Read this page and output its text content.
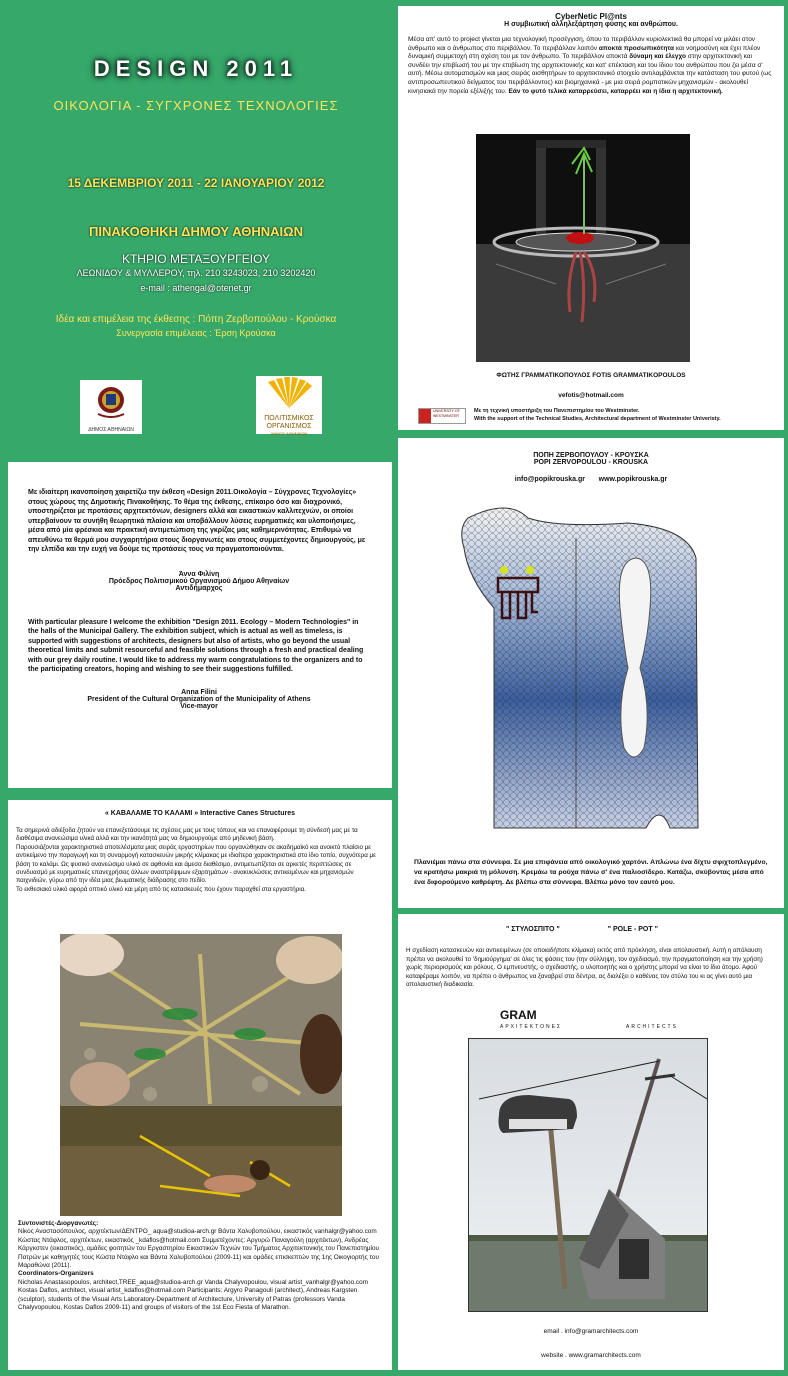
DESIGN 2011
ΟΙΚΟΛΟΓΙΑ - ΣΥΓΧΡΟΝΕΣ ΤΕΧΝΟΛΟΓΙΕΣ
15 ΔΕΚΕΜΒΡΙΟΥ 2011 - 22 ΙΑΝΟΥΑΡΙΟΥ 2012
ΠΙΝΑΚΟΘΗΚΗ ΔΗΜΟΥ ΑΘΗΝΑΙΩΝ
ΚΤΗΡΙΟ ΜΕΤΑΞΟΥΡΓΕΙΟΥ
ΛΕΩΝΙΔΟΥ & ΜΥΛΛΕΡΟΥ, τηλ. 210 3243023, 210 3202420
e-mail : athengal@otenet.gr
Ιδέα και επιμέλεια της έκθεσης : Πόπη Ζερβοπούλου - Κρούσκα
Συνεργασία επιμέλειας : Έρση Κρούσκα
ΔΗΜΟΣ ΑΘΗΝΑΙΩΝ
ΠΟΛΙΤΙΣΜΙΚΟΣ
ΟΡΓΑΝΙΣΜΟΣ
ΔΗΜΟΥ ΑΘΗΝΑΙΩΝ
CyberNetic Pl@nts
Η συμβιωτική αλληλεξάρτηση φύσης και ανθρώπου.
Μέσα απ' αυτό το project γίνεται μια τεχνολογική προσέγγιση, όπου το περιβάλλον κυριολεκτικά θα μπορεί να μιλάει στον άνθρωπο και ο άνθρωπος στο περιβάλλον. Το περιβάλλον λοιπόν αποκτά προσωπικότητα και νοημοσύνη και έχει πλέον δυναμική συμμετοχή στη σχέση του με τον άνθρωπο. Το περιβάλλον αποκτά δύναμη και έλεγχο στην αρχιτεκτονική και συνδέει την επιβίωσή του με την επιβίωση της αρχιτεκτονικής και κατ' επέκταση και του ίδιου του ανθρώπου που ζει μέσα σ' αυτή. Μέσω αυτοματισμών και μιας σειράς αισθητήρων το αρχιτεκτονικό στοιχείο αντιλαμβάνεται την κατάσταση του φυτού (ως αντιπροσωπευτικού δείγματος του περιβάλλοντος) και βιομηχανικά - με μια σειρά ρομποτικών μηχανισμών - ακολουθεί κινησιακά την πορεία εξέλιξής του. Εάν το φυτό τελικά καταρρεύσει, καταρρέει και η ίδια η αρχιτεκτονική.
ΦΩΤΗΣ ΓΡΑΜΜΑΤΙΚΟΠΟΥΛΟΣ FOTIS GRAMMATIKOPOULOS
vefotis@hotmail.com
UNIVERSITY OF WESTMINSTER
Με τη τεχνική υποστήριξη του Πανεπιστημίου του Westminster.
With the support of the Technical Studies, Architectural department of Westminster Univeristy.
Με ιδιαίτερη ικανοποίηση χαιρετίζω την έκθεση «Design 2011.Οικολογία – Σύγχρονες Τεχνολογίες» στους χώρους της Δημοτικής Πινακοθήκης. Το θέμα της έκθεσης, επίκαιρο όσο και διαχρονικό, υποστηρίζεται με προτάσεις αρχιτεκτόνων, designers αλλά και εικαστικών καλλιτεχνών, οι οποίοι υπερβαίνουν τα συνήθη θεωρητικά πλαίσια και υποβάλλουν λύσεις ευρηματικές και υλοποιήσιμες, μέσα από μία φρέσκια και πρακτική αντιμετώπιση της γκρίζας μας καθημερινότητας. Επιθυμώ να απευθύνω τα θερμά μου συγχαρητήρια στους διοργανωτές και στους συμμετέχοντες δημιουργούς, με την ελπίδα και την ευχή να δούμε τις προτάσεις τους να πραγματοποιούνται.
Άννα Φιλίνη
Πρόεδρος Πολιτισμικού Οργανισμού Δήμου Αθηναίων
Αντιδήμαρχος
With particular pleasure I welcome the exhibition "Design 2011. Ecology – Modern Technologies" in the halls of the Municipal Gallery. The exhibition subject, which is actual as well as timeless, is supported with suggestions of architects, designers but also of artists, who go beyond the usual theoretical limits and submit resourceful and feasible solutions through a fresh and practical dealing with our grey daily routine. I would like to address my warm congratulations to the organizers and to the participating creators, hoping and wishing to see their suggestions fulfilled.
Anna Filini
President of the Cultural Organization of the Municipality of Athens
Vice-mayor
ΠΟΠΗ ΖΕΡΒΟΠΟΥΛΟΥ - ΚΡΟΥΣΚΑ
POPI ZERVOPOULOU - KROUSKA
info@popikrouska.gr www.popikrouska.gr
Πλανιέμαι πάνω στα σύννεφα. Σε μια επιφάνεια από οικολογικό χαρτόνι. Απλώνω ένα δίχτυ σφιχτοπλεγμένο, να κρατήσω μακριά τη μόλυνση. Κρεμάω τα ρούχα πάνω σ' ένα παλιοσίδερο. Κατάζω, σκύβοντας μέσα από ένα διφορούμενο καθρέφτη. Δε βλέπω στα σύννεφα. Βλέπω μόνο τον εαυτό μου.
« ΚΑΒΑΛΑΜΕ ΤΟ ΚΑΛΑΜΙ » Interactive Canes Structures
Τα σημερινά αδιέξοδα ζητούν να επανεξετάσουμε τις σχέσεις μας με τους τόπους και να επαναφέρουμε τη σύνδεσή μας με τα διαθέσιμα ανανεώσιμα υλικά αλλά και την ικανότητά μας να δημιουργούμε από μηδενική βάση.
Παρουσιάζονται χαρακτηριστικά αποτελέσματα μιας σειράς εργαστηρίων που οργανώθηκαν σε ακαδημαϊκό και ανοικτό πλαίσιο με αντικείμενο την παραγωγή και τη συναρμογή κατασκευών μικρής κλίμακας με ιδιαίτερα χαρακτηριστικά στο ίδιο τοπίο, συχνότερα με βάση το καλάμι. Ως φυσικό ανανεώσιμο υλικό σε αφθονία και άμεσα διαθέσιμο, αντιμετωπίζεται σε αρκετές περιπτώσεις σε συνδυασμό με ευρηματικές επανεχρήσεις άλλων αναστρέψιμων εξαρτημάτων - ανακυκλώσεις αντικειμένων και μηχανισμών παιχνιδιών, γύρω από την ιδέα μιας βιωματικής διάδρασης στο πεδίο.
Το εκθεσιακό υλικό αφορά οπτικό υλικό και μέρη από τις κατασκευές που έχουν παραχθεί στα εργαστήρια.
Συντονιστές-Διοργανωτές:
Νίκος Αναστασόπουλος, αρχιτέκτων/ΔΕΝΤΡΟ_ aqua@studioa-arch.gr Βάντα Χαλυβοπούλου, εικαστικός vanhalgr@yahoo.com Κώστας Ντάφλος, αρχιτέκτων, εικαστικός _kdaflos@hotmail.com Συμμετέχοντες: Αργυρώ Παναγούλη (αρχιτέκτων), Ανδρέας Κάργκστεν (εικαστικός), ομάδες φοιτητών του Εργαστηρίου Εικαστικών Τεχνών του Τμήματος Αρχιτεκτονικής του Πανεπιστημίου Πατρών με καθηγητές τους Κώστα Ντάφλο και Βάντα Χαλυβοπούλου (2009-11) και ομάδες επισκεπτών της 1ης Οικογιορτής του Μαραθώνα (2011).
Coordinators-Organizers
Nicholas Anastasopoulos, architect,TREE_aqua@studioa-arch.gr Vanda Chalyvopoulou, visual artist_vanhalgr@yahoo.com Kostas Daflos, architect, visual artist_kdaflos@hotmail.com Participants: Argyro Panagouli (architect), Andreas Kargsten (sculptor), students of the Visual Arts Laboratory-Department of Architecture, University of Patras (professors Vanda Chalyvopoulou, Kostas Daflos 2009-11) and groups of visitors of the 1st Eco Fiesta of Marathon.
" ΣΤΥΛΟΣΠΙΤΟ "	" POLE - POT "
Η σχεδίαση κατασκευών και αντικειμένων (σε οποιαδήποτε κλίμακα) εκτός από πρόκληση, είναι απολαυστική. Αυτή η απόλαυση πρέπει να ακολουθεί το 'δημιούργημα' σε όλες τις φάσεις του (την σύλληψη, τον σχεδιασμό, την πραγματοποίηση και την χρήση) χωρίς περιορισμούς και ρόλους. Ο εμπνευστής, ο σχεδιαστής, ο υλοποιητής και ο χρήστης μπορεί να είναι το ίδιο άτομο. Αφού καταφέραμε λοιπόν, να πρέπει ο άνθρωπος να ξαναβρεί στα δέντρα, ας διαλέξει ο καθένας τον στύλο του κι ας γίνει αυτό μια απολαυστική διαδικασία.
GRAM
ΑΡΧΙΤΕΚΤΟΝΕΣ	ARCHITECTS
email . info@gramarchitects.com
website . www.gramarchitects.com
